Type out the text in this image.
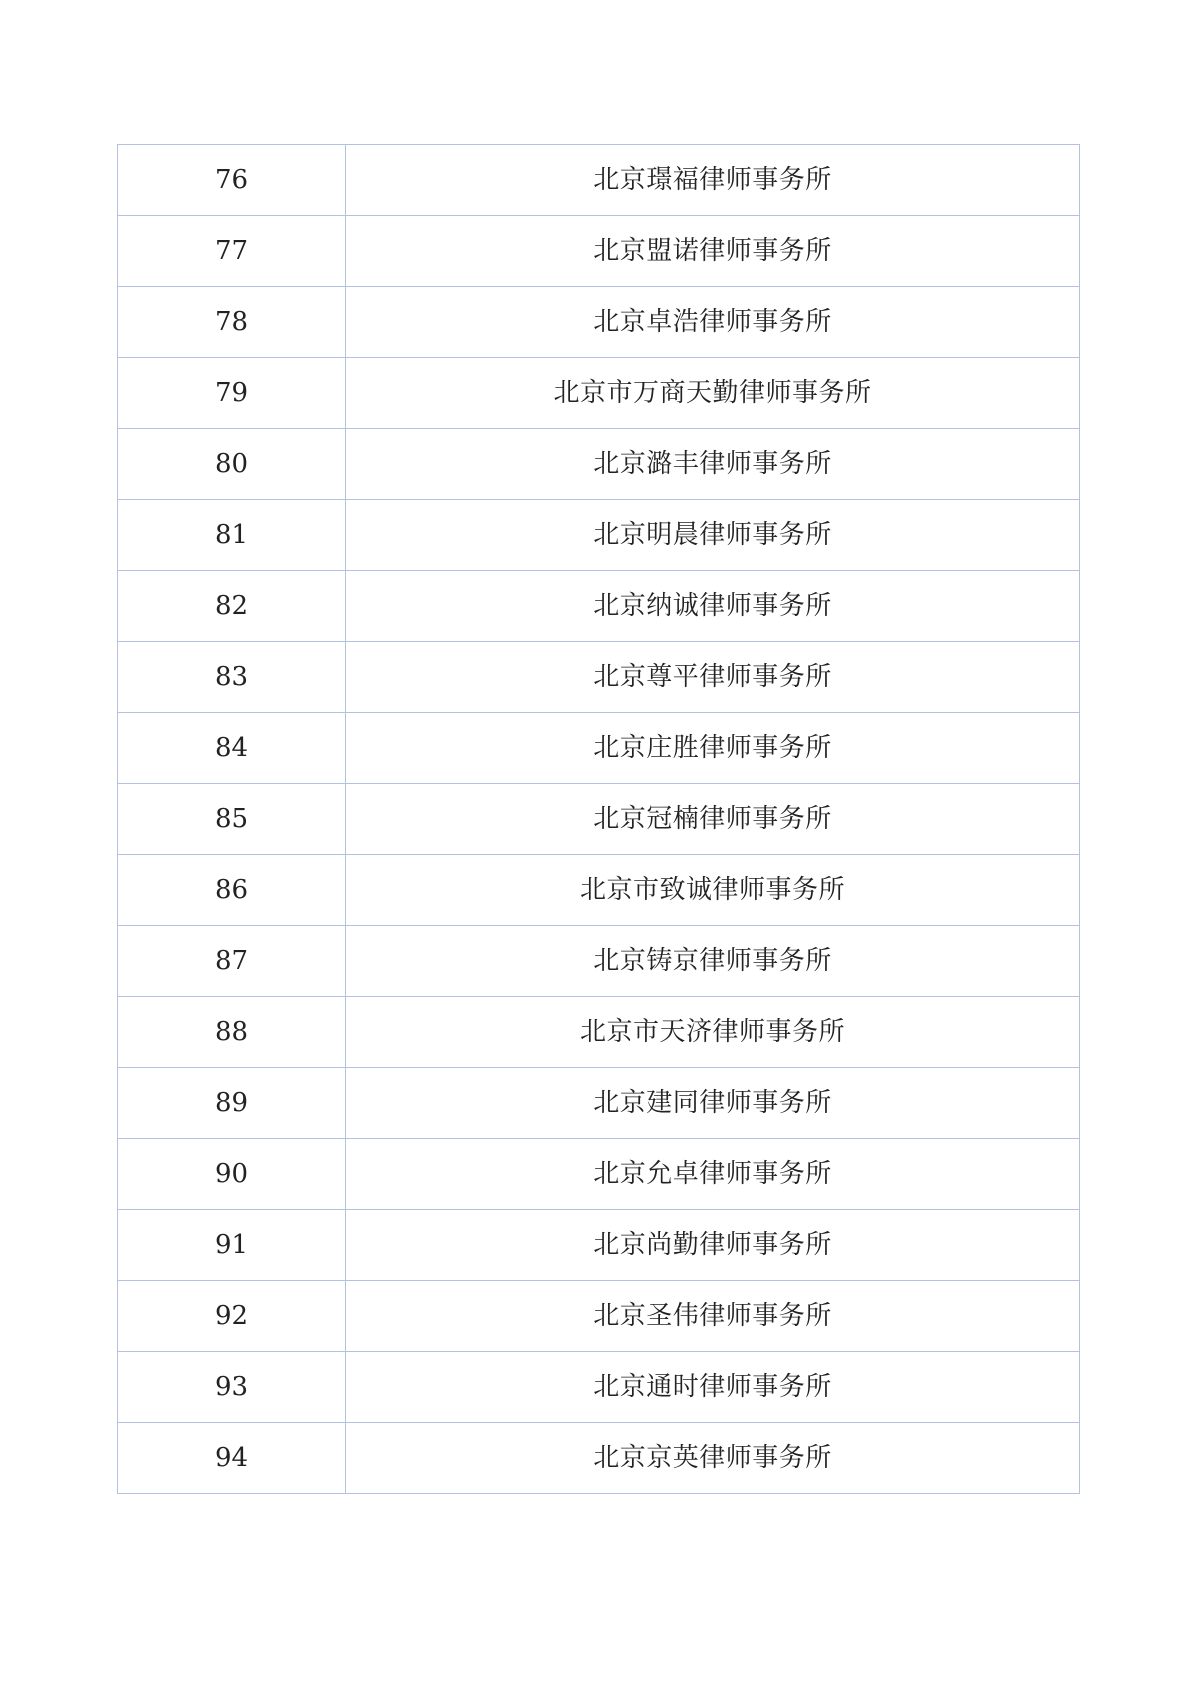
76	北京璟福律师事务所
77	北京盟诺律师事务所
78	北京卓浩律师事务所
79	北京市万商天勤律师事务所
80	北京潞丰律师事务所
81	北京明晨律师事务所
82	北京纳诚律师事务所
83	北京尊平律师事务所
84	北京庄胜律师事务所
85	北京冠楠律师事务所
86	北京市致诚律师事务所
87	北京铸京律师事务所
88	北京市天济律师事务所
89	北京建同律师事务所
90	北京允卓律师事务所
91	北京尚勤律师事务所
92	北京圣伟律师事务所
93	北京通时律师事务所
94	北京京英律师事务所
